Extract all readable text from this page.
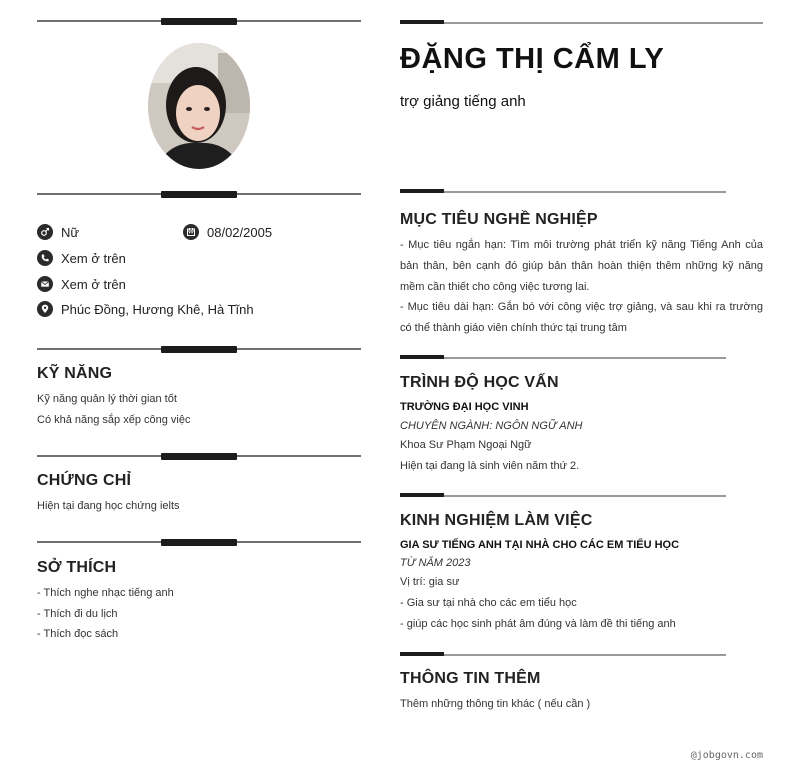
Nữ	08/02/2005
Xem ở trên
Xem ở trên
Phúc Đồng, Hương Khê, Hà Tĩnh
KỸ NĂNG
Kỹ năng quản lý thời gian tốt
Có khả năng sắp xếp công việc
CHỨNG CHỈ
Hiện tại đang học chứng ielts
SỞ THÍCH
- Thích nghe nhạc tiếng anh
- Thích đi du lịch
- Thích đọc sách
ĐẶNG THỊ CẨM LY
trợ giảng tiếng anh
MỤC TIÊU NGHỀ NGHIỆP
- Mục tiêu ngắn hạn: Tìm môi trường phát triển kỹ năng Tiếng Anh của bản thân, bên cạnh đó giúp bản thân hoàn thiện thêm những kỹ năng mềm cần thiết cho công việc tương lai.
- Mục tiêu dài hạn: Gắn bó với công việc trợ giảng, và sau khi ra trường có thể thành giáo viên chính thức tại trung tâm
TRÌNH ĐỘ HỌC VẤN
TRƯỜNG ĐẠI HỌC VINH
CHUYÊN NGÀNH: NGÔN NGỮ ANH
Khoa Sư Phạm Ngoại Ngữ
Hiện tại đang là sinh viên năm thứ 2.
KINH NGHIỆM LÀM VIỆC
GIA SƯ TIẾNG ANH TẠI NHÀ CHO CÁC EM TIỂU HỌC
TỪ NĂM 2023
Vị trí: gia sư
- Gia sư tại nhà cho các em tiểu học
- giúp các học sinh phát âm đúng và làm đề thi tiếng anh
THÔNG TIN THÊM
Thêm những thông tin khác ( nếu cần )
@jobgovn.com
